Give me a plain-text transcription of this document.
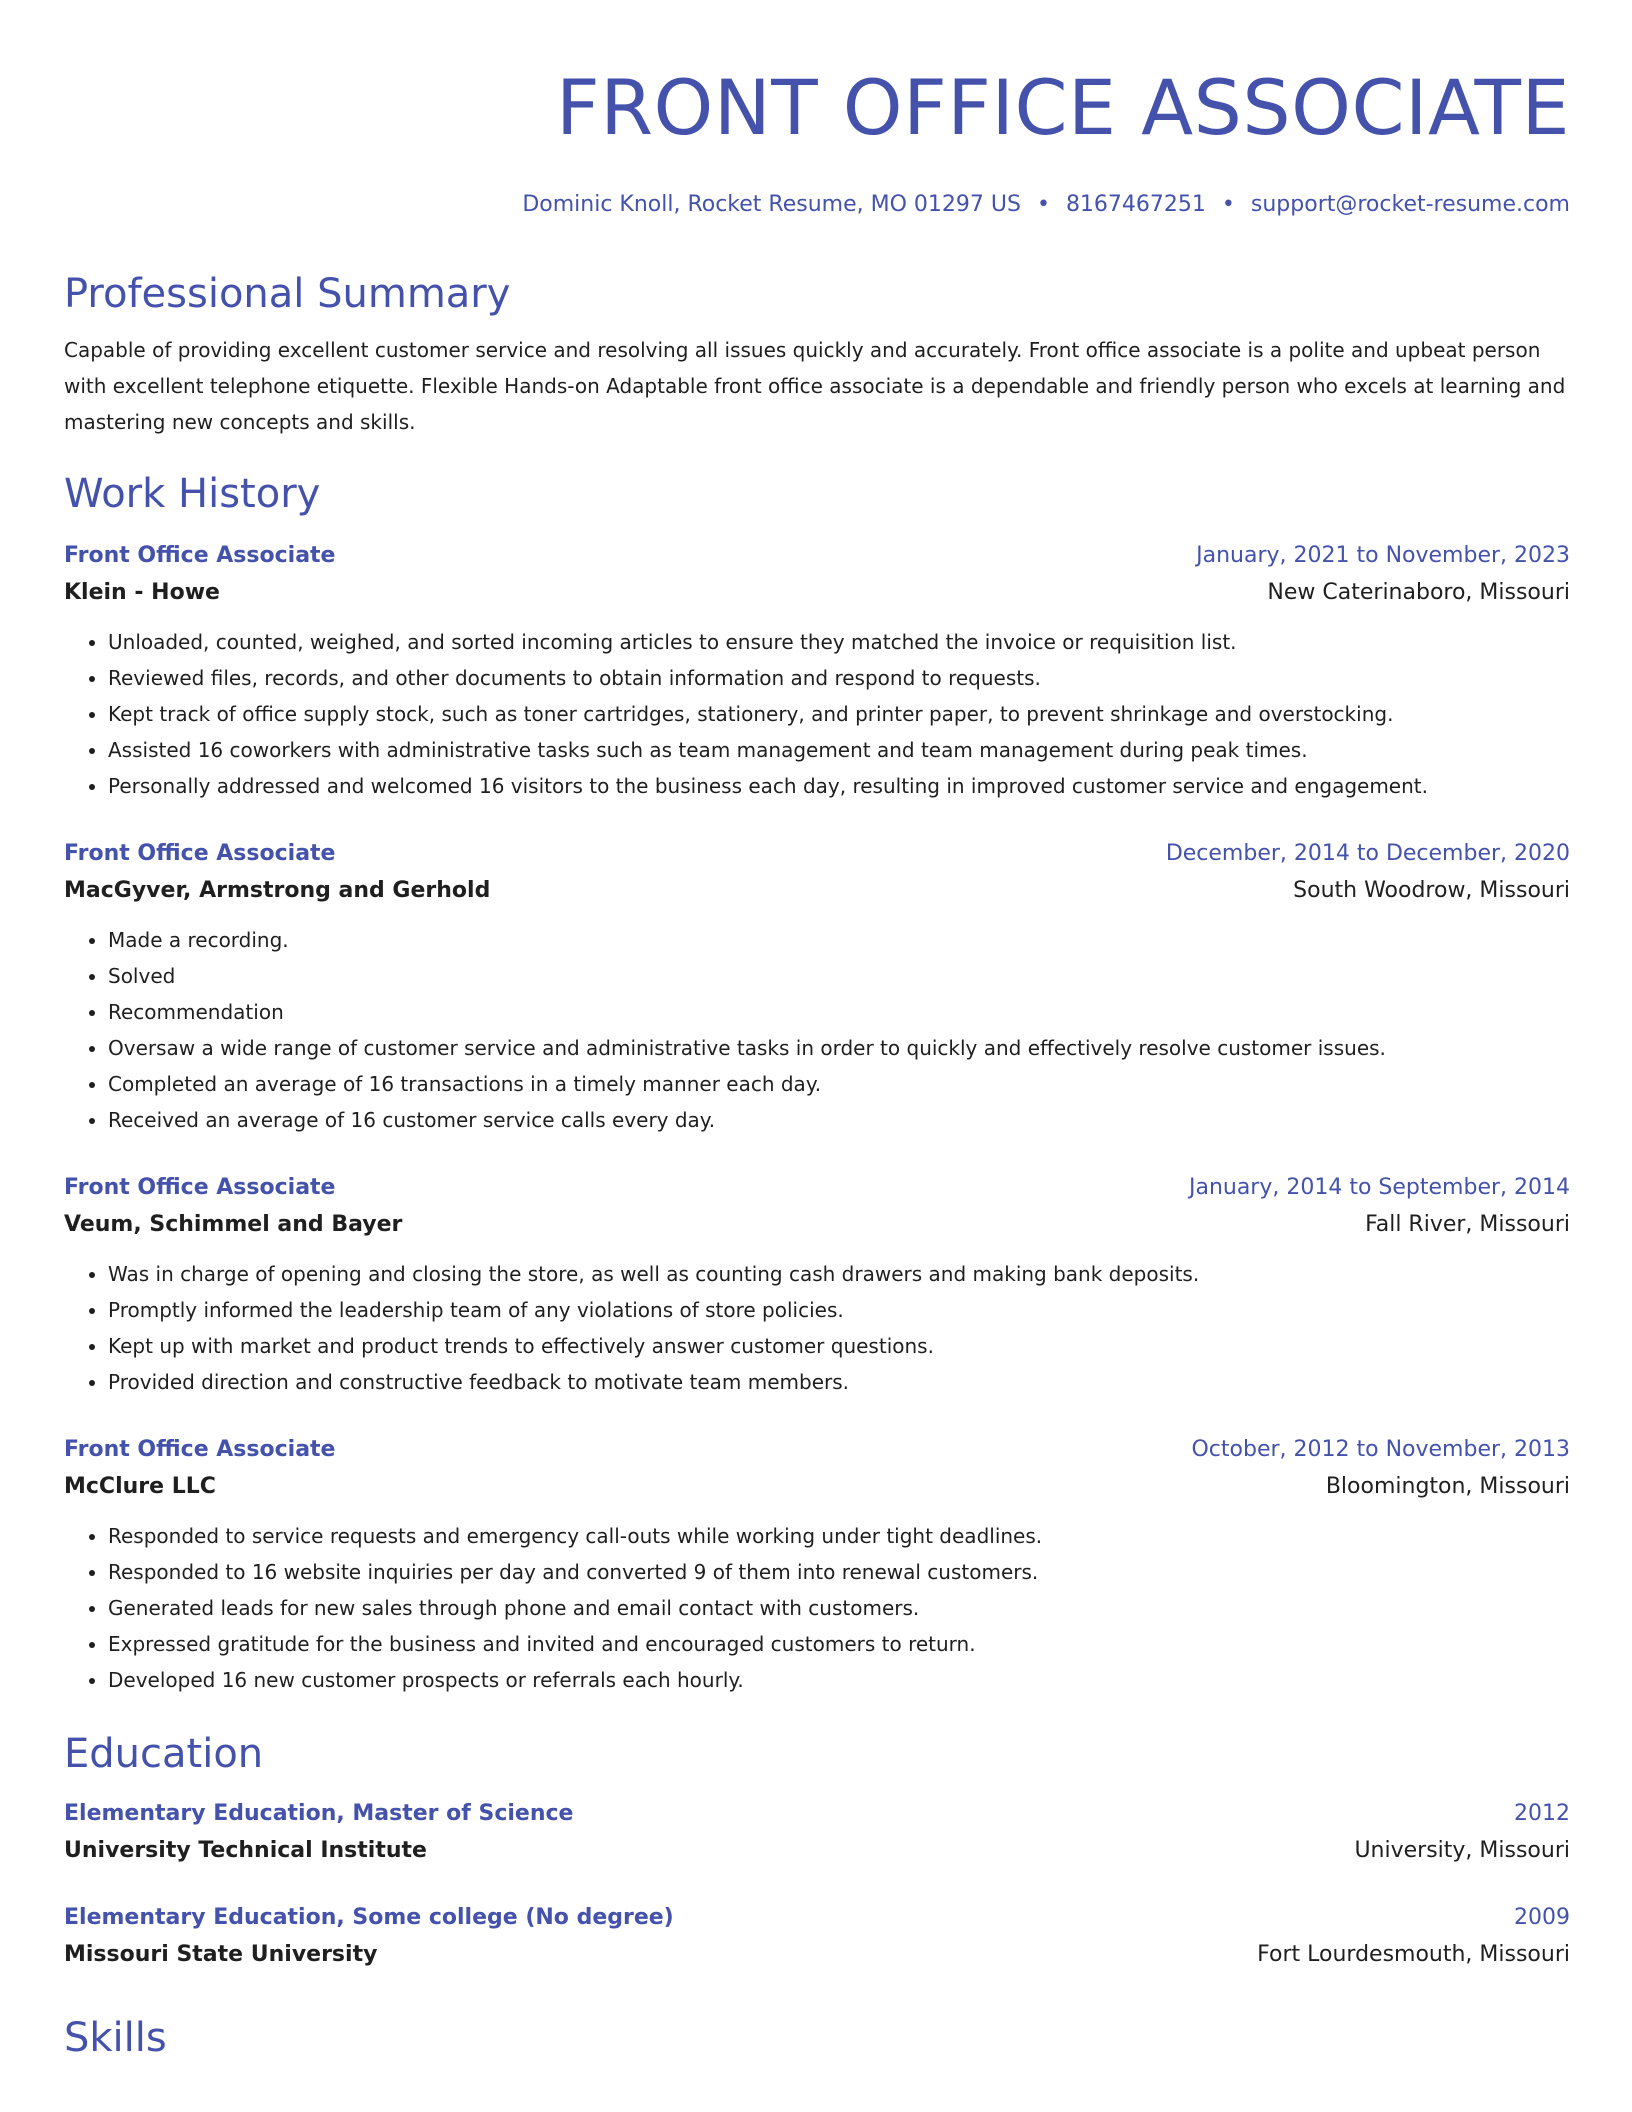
FRONT OFFICE ASSOCIATE
Dominic Knoll, Rocket Resume, MO 01297 US • 8167467251 • support@rocket-resume.com
Professional Summary
Capable of providing excellent customer service and resolving all issues quickly and accurately. Front office associate is a polite and upbeat person with excellent telephone etiquette. Flexible Hands-on Adaptable front office associate is a dependable and friendly person who excels at learning and mastering new concepts and skills.
Work History
Front Office Associate	January, 2021 to November, 2023
Klein - Howe	New Caterinaboro, Missouri
• Unloaded, counted, weighed, and sorted incoming articles to ensure they matched the invoice or requisition list.
• Reviewed files, records, and other documents to obtain information and respond to requests.
• Kept track of office supply stock, such as toner cartridges, stationery, and printer paper, to prevent shrinkage and overstocking.
• Assisted 16 coworkers with administrative tasks such as team management and team management during peak times.
• Personally addressed and welcomed 16 visitors to the business each day, resulting in improved customer service and engagement.
Front Office Associate	December, 2014 to December, 2020
MacGyver, Armstrong and Gerhold	South Woodrow, Missouri
• Made a recording.
• Solved
• Recommendation
• Oversaw a wide range of customer service and administrative tasks in order to quickly and effectively resolve customer issues.
• Completed an average of 16 transactions in a timely manner each day.
• Received an average of 16 customer service calls every day.
Front Office Associate	January, 2014 to September, 2014
Veum, Schimmel and Bayer	Fall River, Missouri
• Was in charge of opening and closing the store, as well as counting cash drawers and making bank deposits.
• Promptly informed the leadership team of any violations of store policies.
• Kept up with market and product trends to effectively answer customer questions.
• Provided direction and constructive feedback to motivate team members.
Front Office Associate	October, 2012 to November, 2013
McClure LLC	Bloomington, Missouri
• Responded to service requests and emergency call-outs while working under tight deadlines.
• Responded to 16 website inquiries per day and converted 9 of them into renewal customers.
• Generated leads for new sales through phone and email contact with customers.
• Expressed gratitude for the business and invited and encouraged customers to return.
• Developed 16 new customer prospects or referrals each hourly.
Education
Elementary Education, Master of Science	2012
University Technical Institute	University, Missouri
Elementary Education, Some college (No degree)	2009
Missouri State University	Fort Lourdesmouth, Missouri
Skills
